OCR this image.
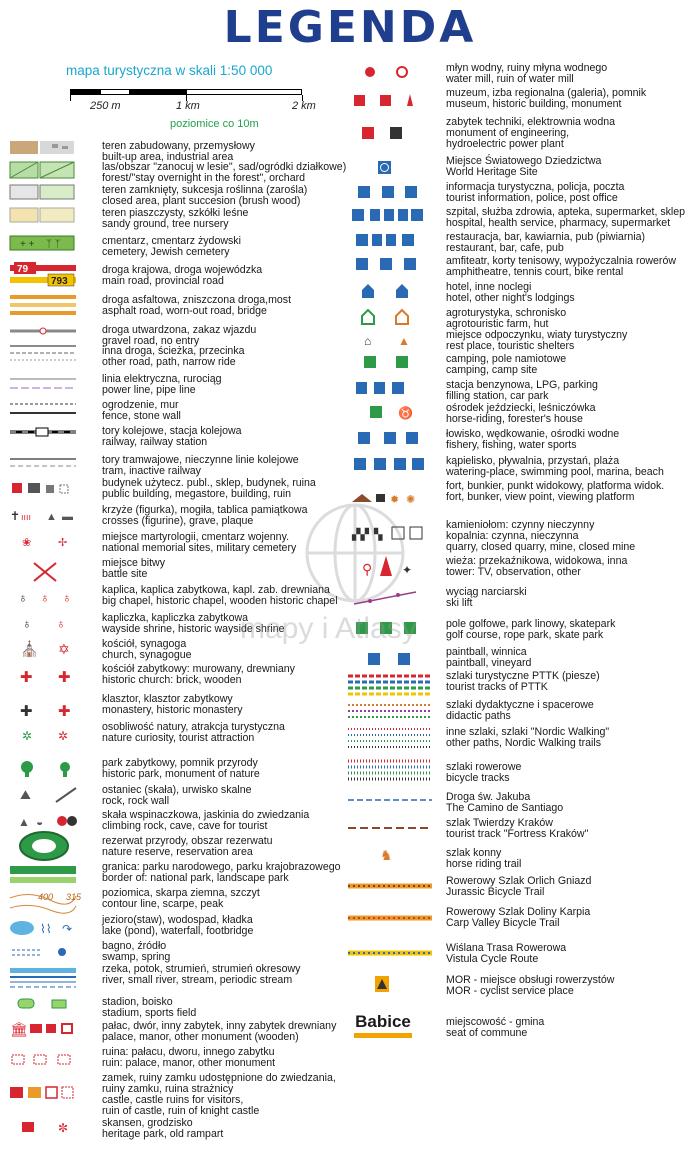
LEGENDA
mapa turystyczna w skali 1:50 000
250 m	1 km	2 km
poziomice co 10m
teren zabudowany, przemysłowy
built-up area, industrial area
las/obszar "zanocuj w lesie", sad/ogródki działkowe)
forest/"stay overnight in the forest", orchard
teren zamknięty, sukcesja roślinna (zarośla)
closed area, plant succesion (brush wood)
teren piaszczysty, szkółki leśne
sandy ground, tree nursery
cmentarz, cmentarz żydowski
cemetery, Jewish cemetery
droga krajowa, droga wojewódzka
main road, provincial road
droga asfaltowa, zniszczona droga,most
asphalt road, worn-out road, bridge
droga utwardzona, zakaz wjazdu
gravel road, no entry
inna droga, ścieżka, przecinka
other road, path, narrow ride
linia elektryczna, rurociąg
power line, pipe line
ogrodzenie, mur
fence, stone wall
tory kolejowe, stacja kolejowa
railway, railway station
tory tramwajowe, nieczynne linie kolejowe
tram, inactive railway
budynek użytecz. publ., sklep, budynek, ruina
public building, megastore, building, ruin
krzyże (figurka), mogiła, tablica pamiątkowa
crosses (figurine), grave, plaque
miejsce martyrologii, cmentarz wojenny.
national memorial sites, military cemetery
miejsce bitwy
battle site
kaplica, kaplica zabytkowa, kapl. zab. drewniana
big chapel, historic chapel, wooden historic chapel
kapliczka, kapliczka zabytkowa
wayside shrine, historic wayside shrine
kościół, synagoga
church, synagogue
kościół zabytkowy: murowany, drewniany
historic church: brick, wooden
klasztor, klasztor zabytkowy
monastery, historic monastery
osobliwość natury, atrakcja turystyczna
nature curiosity, tourist attraction
park zabytkowy, pomnik przyrody
historic park, monument of nature
ostaniec (skała), urwisko skalne
rock, rock wall
skała wspinaczkowa, jaskinia do zwiedzania
climbing rock, cave, cave for tourist
rezerwat przyrody, obszar rezerwatu
nature reserve, reservation area
granica: parku narodowego, parku krajobrazowego
border of: national park, landscape park
poziomica, skarpa ziemna, szczyt
contour line, scarpe, peak
jezioro(staw), wodospad, kładka
lake (pond), waterfall, footbridge
bagno, źródło
swamp, spring
rzeka, potok, strumień, strumień okresowy
river, small river, stream, periodic stream
stadion, boisko
stadium, sports field
pałac, dwór, inny zabytek, inny zabytek drewniany
palace, manor, other monument (wooden)
ruina: pałacu, dworu, innego zabytku
ruin: palace, manor, other monument
zamek, ruiny zamku udostępnione do zwiedzania,
ruiny zamku, ruina strażnicy
castle, castle ruins for visitors,
ruin of castle, ruin of knight castle
skansen, grodzisko
heritage park, old rampart
młyn wodny, ruiny młyna wodnego
water mill, ruin of water mill
muzeum, izba regionalna (galeria), pomnik
museum, historic building, monument
zabytek techniki, elektrownia wodna
monument of engineering,
hydroelectric power plant
Miejsce Światowego Dziedzictwa
World Heritage Site
informacja turystyczna, policja, poczta
tourist information, police, post office
szpital, służba zdrowia, apteka, supermarket, sklep
hospital, health service, pharmacy, supermarket
restauracja, bar, kawiarnia, pub (piwiarnia)
restaurant, bar, cafe, pub
amfiteatr, korty tenisowy, wypożyczalnia rowerów
amphitheatre, tennis court, bike rental
hotel, inne noclegi
hotel, other night's lodgings
agroturystyka, schronisko
agrotouristic farm, hut
miejsce odpoczynku, wiaty turystyczny
rest place, touristic shelters
camping, pole namiotowe
camping, camp site
stacja benzynowa, LPG, parking
filling station, car park
ośrodek jeździecki, leśniczówka
horse-riding, forester's house
łowisko, wędkowanie, ośrodki wodne
fishery, fishing, water sports
kąpielisko, pływalnia, przystań, plaża
watering-place, swimming pool, marina, beach
fort, bunkier, punkt widokowy, platforma widok.
fort, bunker, view point, viewing platform
kamieniołom: czynny nieczynny
kopalnia: czynna, nieczynna
quarry, closed quarry, mine, closed mine
wieża: przekaźnikowa, widokowa, inna
tower: TV, observation, other
wyciąg narciarski
ski lift
pole golfowe, park linowy, skatepark
golf course, rope park, skate park
paintball, winnica
paintball, vineyard
szlaki turystyczne PTTK (piesze)
tourist tracks of PTTK
szlaki dydaktyczne i spacerowe
didactic paths
inne szlaki, szlaki "Nordic Walking"
other paths, Nordic Walking trails
szlaki rowerowe
bicycle tracks
Droga św. Jakuba
The Camino de Santiago
szlak Twierdzy Kraków
tourist track "Fortress Kraków"
szlak konny
horse riding trail
Rowerowy Szlak Orlich Gniazd
Jurassic Bicycle Trail
Rowerowy Szlak Doliny Karpia
Carp Valley Bicycle Trail
Wiślana Trasa Rowerowa
Vistula Cycle Route
MOR - miejsce obsługi rowerzystów
MOR - cyclist service place
miejscowość - gmina
seat of commune
+ + ᛉ ᛉ
79
793
✝ ıııı ▲ ▬
❀ ✢
♁ ♁ ♁
♁ ♁
⛪ ✡
✚ ✚
✚ ✚
✲ ✲
⛰
▲ ◒
400 315
⌇⌇ ↷
🏛
✼
⌂ ▲
♉
✹ ✺
▞▞ ▚
⚲ ✦
♞
Babice
mapy i Atlasy
